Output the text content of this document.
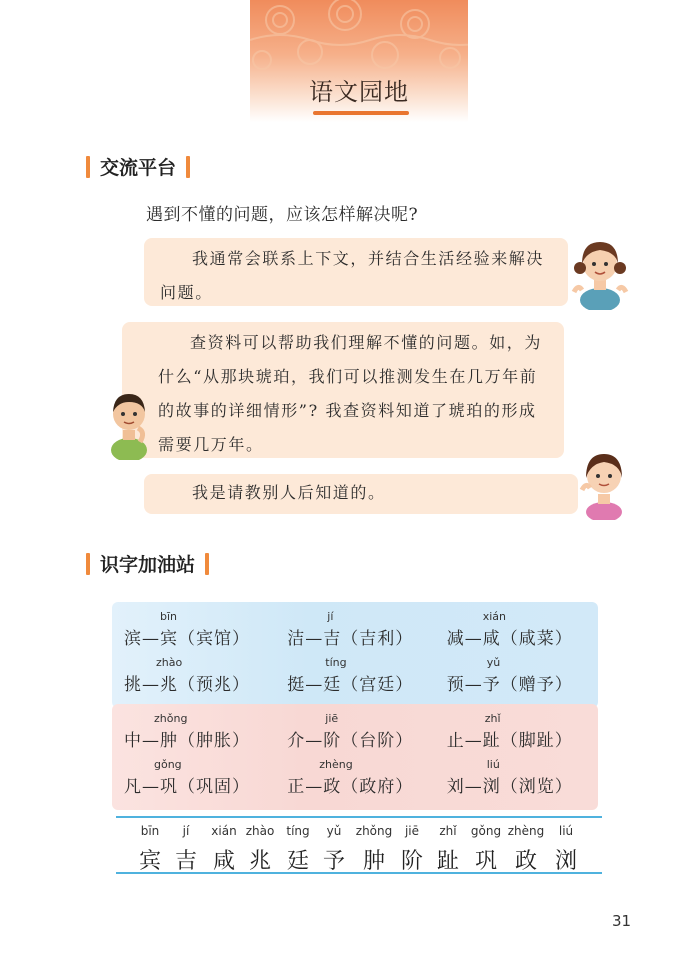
语文园地
交流平台
遇到不懂的问题，应该怎样解决呢?

我通常会联系上下文，并结合生活经验来解决问题。

查资料可以帮助我们理解不懂的问题。如，为什么“从那块琥珀，我们可以推测发生在几万年前的故事的详细情形”? 我查资料知道了琥珀的形成需要几万年。

我是请教别人后知道的。

识字加油站
bīn
滨—宾（宾馆）
jí
洁—吉（吉利）
xián
减—咸（咸菜）
zhào
挑—兆（预兆）
tíng
挺—廷（宫廷）
yǔ
预—予（赠予）
zhǒng
中—肿（肿胀）
jiē
介—阶（台阶）
zhǐ
止—趾（脚趾）
gǒng
凡—巩（巩固）
zhèng
正—政（政府）
liú
刘—浏（浏览）
bīn
宾
jí
吉
xián
咸
zhào
兆
tíng
廷
yǔ
予
zhǒng
肿
jiē
阶
zhǐ
趾
gǒng
巩
zhèng
政
liú
浏
31
